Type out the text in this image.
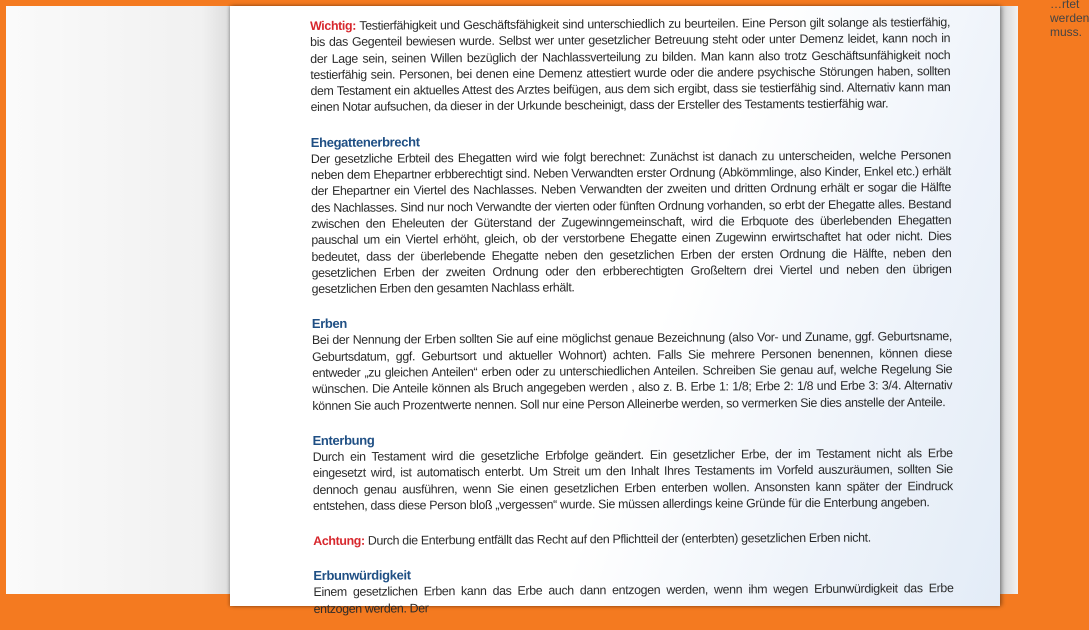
…rtet werden muss.

Wichtig: Testierfähigkeit und Geschäftsfähigkeit sind unterschiedlich zu beurteilen. Eine Person gilt solange als testierfähig, bis das Gegenteil bewiesen wurde. Selbst wer unter gesetzlicher Betreuung steht oder unter Demenz leidet, kann noch in der Lage sein, seinen Willen bezüglich der Nachlassverteilung zu bilden. Man kann also trotz Geschäftsunfähigkeit noch testierfähig sein. Personen, bei denen eine Demenz attestiert wurde oder die andere psychische Störungen haben, sollten dem Testament ein aktuelles Attest des Arztes beifügen, aus dem sich ergibt, dass sie testierfähig sind. Alternativ kann man einen Notar aufsuchen, da dieser in der Urkunde bescheinigt, dass der Ersteller des Testaments testierfähig war.

Ehegattenerbrecht

Der gesetzliche Erbteil des Ehegatten wird wie folgt berechnet: Zunächst ist danach zu unterscheiden, welche Personen neben dem Ehepartner erbberechtigt sind. Neben Verwandten erster Ordnung (Abkömmlinge, also Kinder, Enkel etc.) erhält der Ehepartner ein Viertel des Nachlasses. Neben Verwandten der zweiten und dritten Ordnung erhält er sogar die Hälfte des Nachlasses. Sind nur noch Verwandte der vierten oder fünften Ordnung vorhanden, so erbt der Ehegatte alles. Bestand zwischen den Eheleuten der Güterstand der Zugewinngemeinschaft, wird die Erbquote des überlebenden Ehegatten pauschal um ein Viertel erhöht, gleich, ob der verstorbene Ehegatte einen Zugewinn erwirtschaftet hat oder nicht. Dies bedeutet, dass der überlebende Ehegatte neben den gesetzlichen Erben der ersten Ordnung die Hälfte, neben den gesetzlichen Erben der zweiten Ordnung oder den erbberechtigten Großeltern drei Viertel und neben den übrigen gesetzlichen Erben den gesamten Nachlass erhält.

Erben

Bei der Nennung der Erben sollten Sie auf eine möglichst genaue Bezeichnung (also Vor- und Zuname, ggf. Geburtsname, Geburtsdatum, ggf. Geburtsort und aktueller Wohnort) achten. Falls Sie mehrere Personen benennen, können diese entweder „zu gleichen Anteilen“ erben oder zu unterschiedlichen Anteilen. Schreiben Sie genau auf, welche Regelung Sie wünschen. Die Anteile können als Bruch angegeben werden , also z. B. Erbe 1: 1/8; Erbe 2: 1/8 und Erbe 3: 3/4. Alternativ können Sie auch Prozentwerte nennen. Soll nur eine Person Alleinerbe werden, so vermerken Sie dies anstelle der Anteile.

Enterbung

Durch ein Testament wird die gesetzliche Erbfolge geändert. Ein gesetzlicher Erbe, der im Testament nicht als Erbe eingesetzt wird, ist automatisch enterbt. Um Streit um den Inhalt Ihres Testaments im Vorfeld auszuräumen, sollten Sie dennoch genau ausführen, wenn Sie einen gesetzlichen Erben enterben wollen. Ansonsten kann später der Eindruck entstehen, dass diese Person bloß „vergessen“ wurde. Sie müssen allerdings keine Gründe für die Enterbung angeben.

Achtung: Durch die Enterbung entfällt das Recht auf den Pflichtteil der (enterbten) gesetzlichen Erben nicht.

Erbunwürdigkeit

Einem gesetzlichen Erben kann das Erbe auch dann entzogen werden, wenn ihm wegen Erbunwürdigkeit das Erbe entzogen werden. Der
